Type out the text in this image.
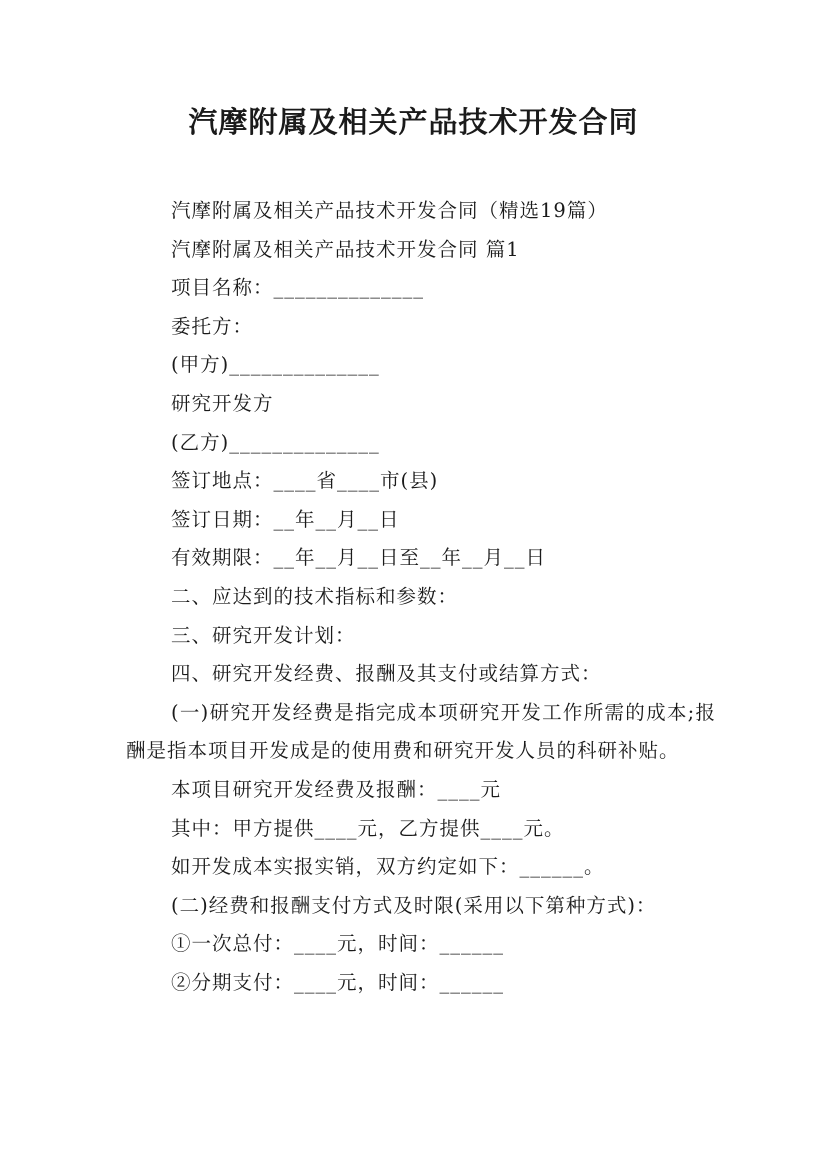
汽摩附属及相关产品技术开发合同

汽摩附属及相关产品技术开发合同（精选19篇）

汽摩附属及相关产品技术开发合同 篇1

项目名称：______________

委托方：

(甲方)______________

研究开发方

(乙方)______________

签订地点：____省____市(县)

签订日期：__年__月__日

有效期限：__年__月__日至__年__月__日

二、应达到的技术指标和参数：

三、研究开发计划：

四、研究开发经费、报酬及其支付或结算方式：

(一)研究开发经费是指完成本项研究开发工作所需的成本;报酬是指本项目开发成是的使用费和研究开发人员的科研补贴。

本项目研究开发经费及报酬：____元

其中：甲方提供____元，乙方提供____元。

如开发成本实报实销，双方约定如下：______。

(二)经费和报酬支付方式及时限(采用以下第种方式)：

①一次总付：____元，时间：______

②分期支付：____元，时间：______
